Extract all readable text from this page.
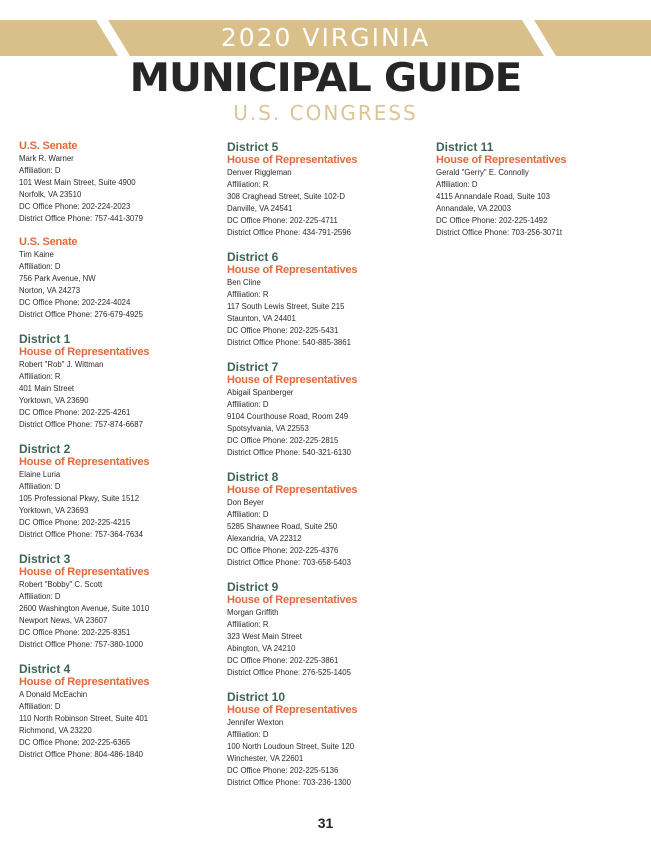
2020 VIRGINIA
MUNICIPAL GUIDE
U.S. CONGRESS
U.S. Senate
Mark R. Warner
Affiliation: D
101 West Main Street, Suite 4900
Norfolk, VA 23510
DC Office Phone: 202-224-2023
District Office Phone: 757-441-3079
U.S. Senate
Tim Kaine
Affiliation: D
756 Park Avenue, NW
Norton, VA 24273
DC Office Phone: 202-224-4024
District Office Phone: 276-679-4925
District 1
House of Representatives
Robert "Rob" J. Wittman
Affiliation: R
401 Main Street
Yorktown, VA 23690
DC Office Phone: 202-225-4261
District Office Phone: 757-874-6687
District 2
House of Representatives
Elaine Luria
Affiliation: D
105 Professional Pkwy, Suite 1512
Yorktown, VA 23693
DC Office Phone: 202-225-4215
District Office Phone: 757-364-7634
District 3
House of Representatives
Robert "Bobby" C. Scott
Affiliation: D
2600 Washington Avenue, Suite 1010
Newport News, VA 23607
DC Office Phone: 202-225-8351
District Office Phone: 757-380-1000
District 4
House of Representatives
A Donald McEachin
Affiliation: D
110 North Robinson Street, Suite 401
Richmond, VA 23220
DC Office Phone: 202-225-6365
District Office Phone: 804-486-1840
District 5
House of Representatives
Denver Riggleman
Affiliation: R
308 Craghead Street, Suite 102-D
Danville, VA 24541
DC Office Phone: 202-225-4711
District Office Phone: 434-791-2596
District 6
House of Representatives
Ben Cline
Affiliation: R
117 South Lewis Street, Suite 215
Staunton, VA 24401
DC Office Phone: 202-225-5431
District Office Phone: 540-885-3861
District 7
House of Representatives
Abigail Spanberger
Affiliation: D
9104 Courthouse Road, Room 249
Spotsylvania, VA 22553
DC Office Phone: 202-225-2815
District Office Phone: 540-321-6130
District 8
House of Representatives
Don Beyer
Affiliation: D
5285 Shawnee Road, Suite 250
Alexandria, VA 22312
DC Office Phone: 202-225-4376
District Office Phone: 703-658-5403
District 9
House of Representatives
Morgan Griffith
Affiliation: R
323 West Main Street
Abington, VA 24210
DC Office Phone: 202-225-3861
District Office Phone: 276-525-1405
District 10
House of Representatives
Jennifer Wexton
Affiliation: D
100 North Loudoun Street, Suite 120
Winchester, VA 22601
DC Office Phone: 202-225-5136
District Office Phone: 703-236-1300
District 11
House of Representatives
Gerald "Gerry" E. Connolly
Affiliation: D
4115 Annandale Road, Suite 103
Annandale, VA 22003
DC Office Phone: 202-225-1492
District Office Phone: 703-256-3071t
31
